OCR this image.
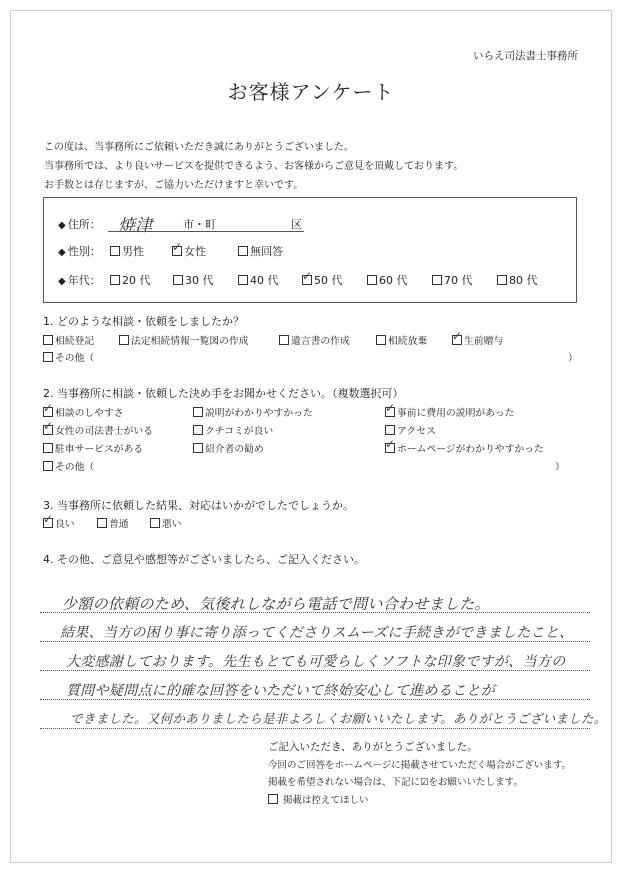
いらえ司法書士事務所
お客様アンケート
この度は、当事務所にご依頼いただき誠にありがとうございました。
当事務所では、より良いサービスを提供できるよう、お客様からご意見を頂戴しております。
お手数とは存じますが、ご協力いただけますと幸いです。
◆ 住所： 焼津	市・町	区
◆ 性別：	男性 ✓	女性	無回答
◆ 年代：	20 代	30 代	40 代 ✓	50 代	60 代	70 代	80 代
1. どのような相談・依頼をしましたか？
相続登記	法定相続情報一覧図の作成	遺言書の作成	相続放棄 ✓	生前贈与
その他（	）
2. 当事務所に相談・依頼した決め手をお聞かせください。（複数選択可）
✓相談のしやすさ	説明がわかりやすかった ✓	事前に費用の説明があった
✓女性の司法書士がいる	クチコミが良い	アクセス
駐車サービスがある	紹介者の勧め ✓	ホームページがわかりやすかった
その他（	）
3. 当事務所に依頼した結果、対応はいかがでしたでしょうか。
✓良い	普通	悪い
4. その他、ご意見や感想等がございましたら、ご記入ください。
少額の依頼のため、気後れしながら電話で問い合わせました。
結果、当方の困り事に寄り添ってくださりスムーズに手続きができましたこと、
大変感謝しております。先生もとても可愛らしくソフトな印象ですが、当方の
質問や疑問点に的確な回答をいただいて終始安心して進めることが
できました。又何かありましたら是非よろしくお願いいたします。ありがとうございました。
ご記入いただき、ありがとうございました。
今回のご回答をホームページに掲載させていただく場合がございます。
掲載を希望されない場合は、下記に☑をお願いいたします。
掲載は控えてほしい
